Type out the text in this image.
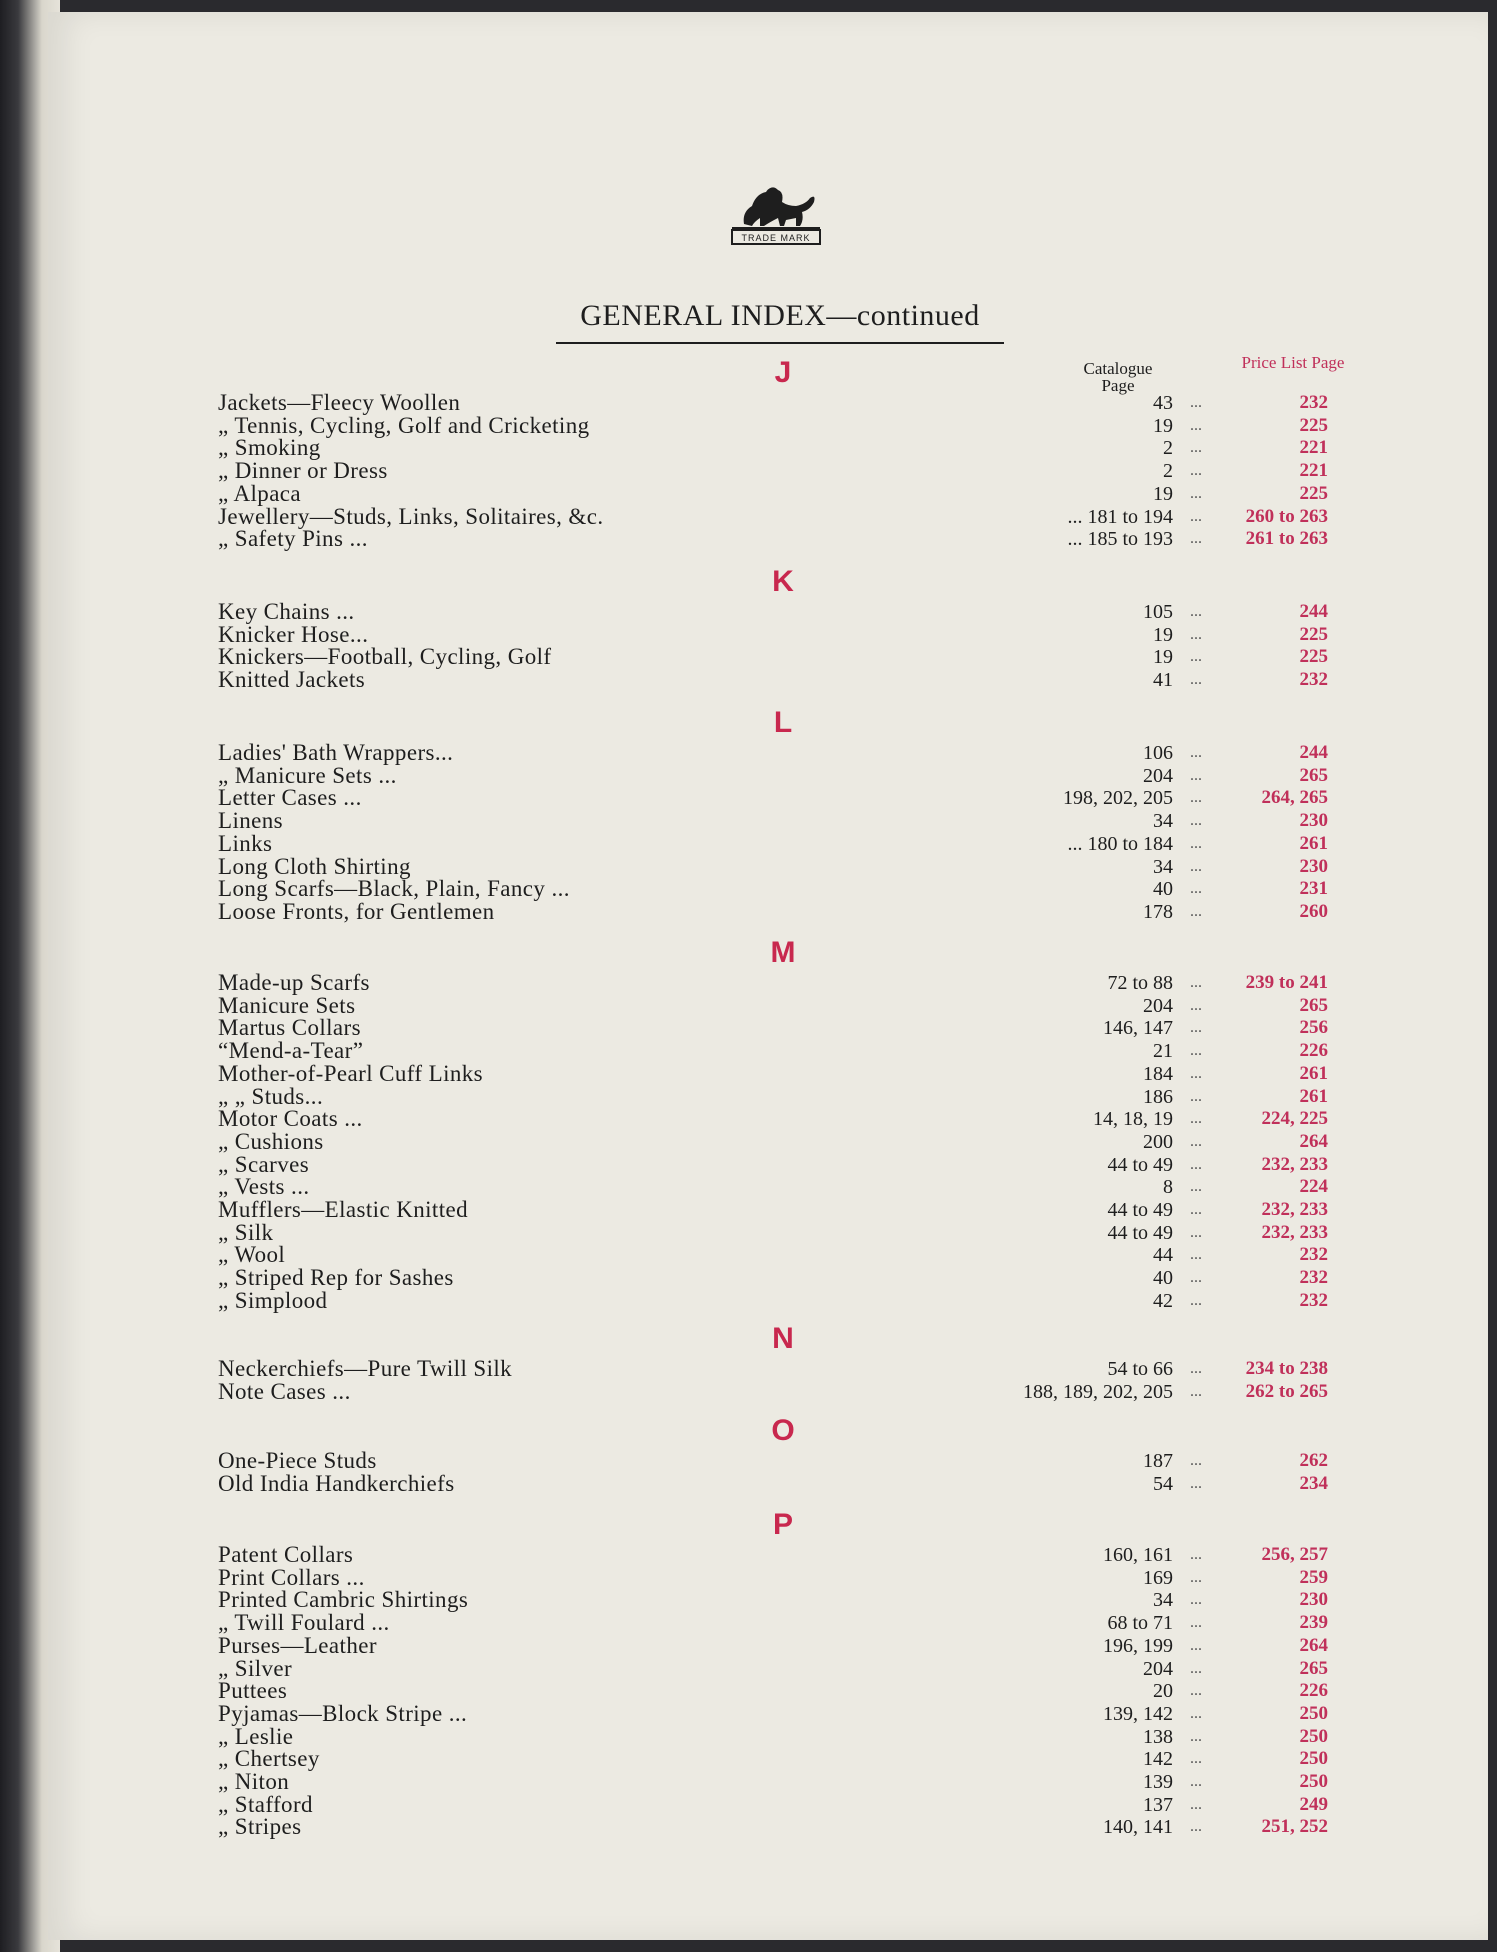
TRADE MARK
GENERAL INDEX—continued
Catalogue Page
Price List Page
J
Jackets—Fleecy Woollen	43 ...	232
„ Tennis, Cycling, Golf and Cricketing	19 ...	225
„ Smoking	2 ...	221
„ Dinner or Dress	2 ...	221
„ Alpaca	19 ...	225
Jewellery—Studs, Links, Solitaires, &c.	... 181 to 194 ...	260 to 263
„ Safety Pins ...	... 185 to 193 ...	261 to 263
K
Key Chains ...	105 ...	244
Knicker Hose...	19 ...	225
Knickers—Football, Cycling, Golf	19 ...	225
Knitted Jackets	41 ...	232
L
Ladies' Bath Wrappers...	106 ...	244
„ Manicure Sets ...	204 ...	265
Letter Cases ...	198, 202, 205 ...	264, 265
Linens	34 ...	230
Links	... 180 to 184 ...	261
Long Cloth Shirting	34 ...	230
Long Scarfs—Black, Plain, Fancy ...	40 ...	231
Loose Fronts, for Gentlemen	178 ...	260
M
Made-up Scarfs	72 to 88 ...	239 to 241
Manicure Sets	204 ...	265
Martus Collars	146, 147 ...	256
“Mend-a-Tear”	21 ...	226
Mother-of-Pearl Cuff Links	184 ...	261
„ „ Studs...	186 ...	261
Motor Coats ...	14, 18, 19 ...	224, 225
„ Cushions	200 ...	264
„ Scarves	44 to 49 ...	232, 233
„ Vests ...	8 ...	224
Mufflers—Elastic Knitted	44 to 49 ...	232, 233
„ Silk	44 to 49 ...	232, 233
„ Wool	44 ...	232
„ Striped Rep for Sashes	40 ...	232
„ Simplood	42 ...	232
N
Neckerchiefs—Pure Twill Silk	54 to 66 ...	234 to 238
Note Cases ...	188, 189, 202, 205 ...	262 to 265
O
One-Piece Studs	187 ...	262
Old India Handkerchiefs	54 ...	234
P
Patent Collars	160, 161 ...	256, 257
Print Collars ...	169 ...	259
Printed Cambric Shirtings	34 ...	230
„ Twill Foulard ...	68 to 71 ...	239
Purses—Leather	196, 199 ...	264
„ Silver	204 ...	265
Puttees	20 ...	226
Pyjamas—Block Stripe ...	139, 142 ...	250
„ Leslie	138 ...	250
„ Chertsey	142 ...	250
„ Niton	139 ...	250
„ Stafford	137 ...	249
„ Stripes	140, 141 ...	251, 252
